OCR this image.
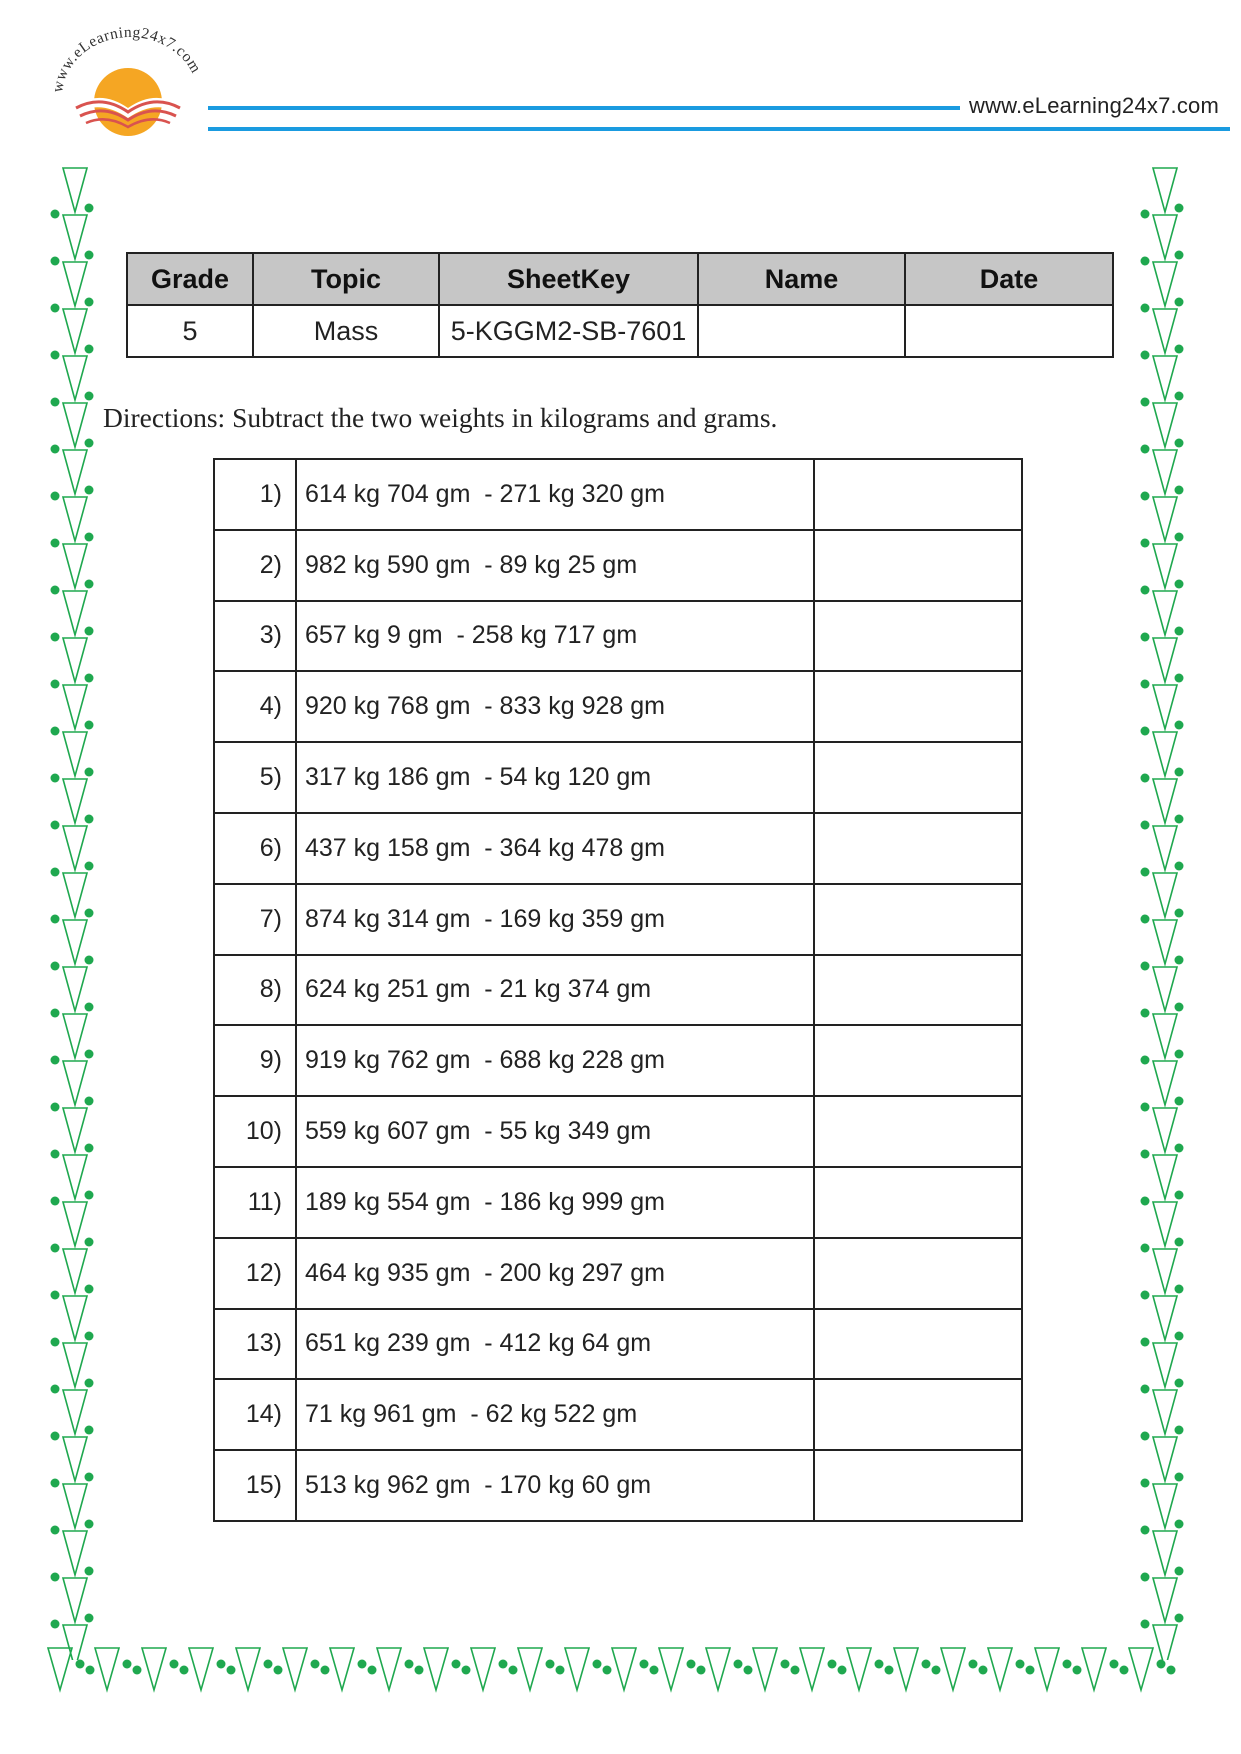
www.eLearning24x7.com
www.eLearning24x7.com
Grade	Topic	SheetKey	Name	Date
5	Mass	5-KGGM2-SB-7601		
Directions: Subtract the two weights in kilograms and grams.
1)	614 kg 704 gm  - 271 kg 320 gm	
2)	982 kg 590 gm  - 89 kg 25 gm	
3)	657 kg 9 gm  - 258 kg 717 gm	
4)	920 kg 768 gm  - 833 kg 928 gm	
5)	317 kg 186 gm  - 54 kg 120 gm	
6)	437 kg 158 gm  - 364 kg 478 gm	
7)	874 kg 314 gm  - 169 kg 359 gm	
8)	624 kg 251 gm  - 21 kg 374 gm	
9)	919 kg 762 gm  - 688 kg 228 gm	
10)	559 kg 607 gm  - 55 kg 349 gm	
11)	189 kg 554 gm  - 186 kg 999 gm	
12)	464 kg 935 gm  - 200 kg 297 gm	
13)	651 kg 239 gm  - 412 kg 64 gm	
14)	71 kg 961 gm  - 62 kg 522 gm	
15)	513 kg 962 gm  - 170 kg 60 gm	
